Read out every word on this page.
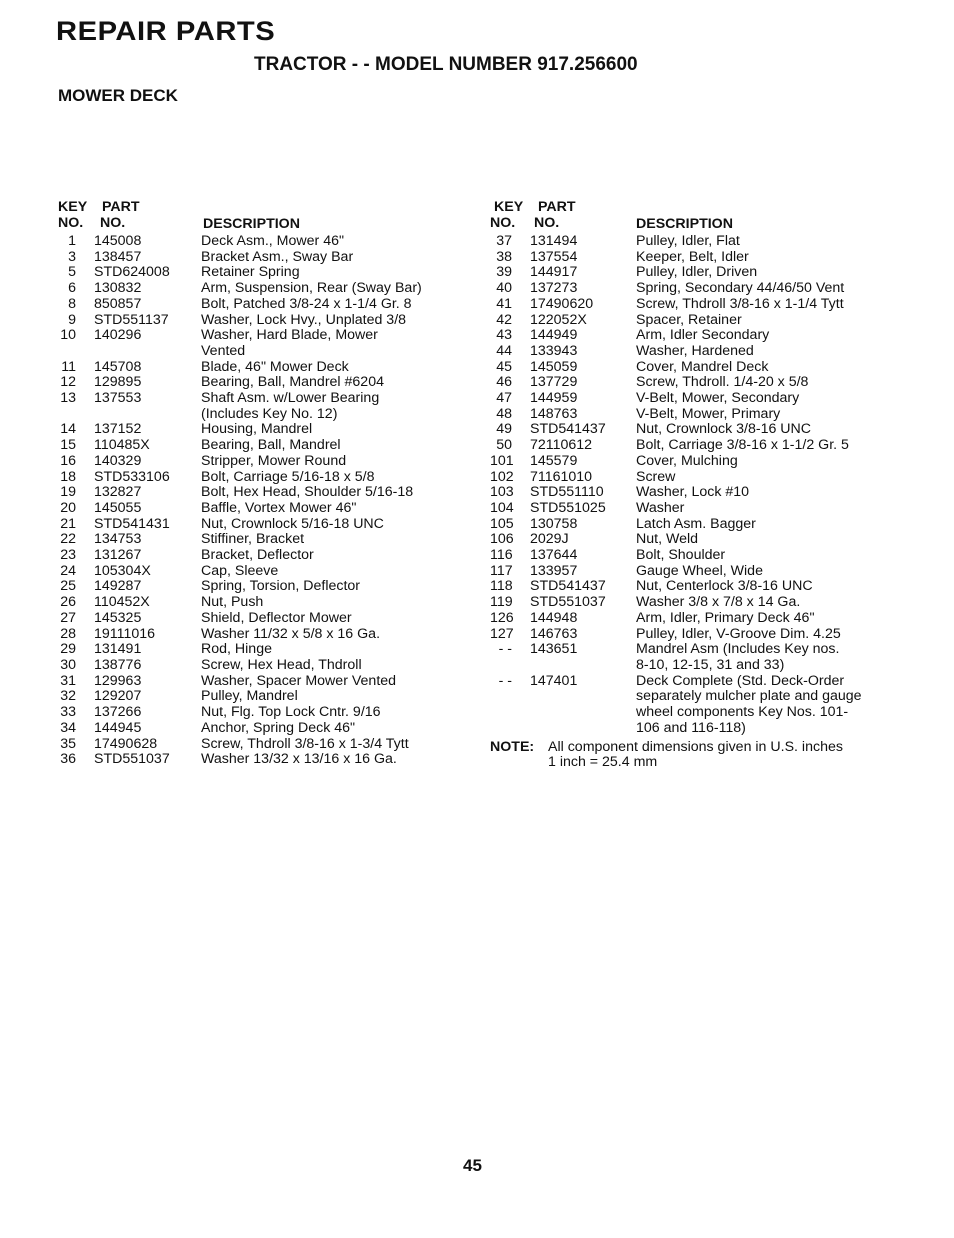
REPAIR PARTS
TRACTOR - - MODEL NUMBER 917.256600
MOWER DECK
KEY
NO.
PART
NO.	DESCRIPTION
1 145008	Deck Asm., Mower 46"
3 138457	Bracket Asm., Sway Bar
5 STD624008	Retainer Spring
6 130832	Arm, Suspension, Rear (Sway Bar)
8 850857	Bolt, Patched 3/8-24 x 1-1/4 Gr. 8
9 STD551137	Washer, Lock Hvy., Unplated 3/8
10 140296	Washer, Hard Blade, Mower
Vented
11 145708	Blade, 46" Mower Deck
12 129895	Bearing, Ball, Mandrel #6204
13 137553	Shaft Asm. w/Lower Bearing
(Includes Key No. 12)
14 137152	Housing, Mandrel
15 110485X	Bearing, Ball, Mandrel
16 140329	Stripper, Mower Round
18 STD533106	Bolt, Carriage 5/16-18 x 5/8
19 132827	Bolt, Hex Head, Shoulder 5/16-18
20 145055	Baffle, Vortex Mower 46"
21 STD541431	Nut, Crownlock 5/16-18 UNC
22 134753	Stiffiner, Bracket
23 131267	Bracket, Deflector
24 105304X	Cap, Sleeve
25 149287	Spring, Torsion, Deflector
26 110452X	Nut, Push
27 145325	Shield, Deflector Mower
28 19111016	Washer 11/32 x 5/8 x 16 Ga.
29 131491	Rod, Hinge
30 138776	Screw, Hex Head, Thdroll
31 129963	Washer, Spacer Mower Vented
32 129207	Pulley, Mandrel
33 137266	Nut, Flg. Top Lock Cntr. 9/16
34 144945	Anchor, Spring Deck 46"
35 17490628	Screw, Thdroll 3/8-16 x 1-3/4 Tytt
36 STD551037	Washer 13/32 x 13/16 x 16 Ga.
KEY
NO.
PART
NO.	DESCRIPTION
37 131494	Pulley, Idler, Flat
38 137554	Keeper, Belt, Idler
39 144917	Pulley, Idler, Driven
40 137273	Spring, Secondary 44/46/50 Vent
41 17490620	Screw, Thdroll 3/8-16 x 1-1/4 Tytt
42 122052X	Spacer, Retainer
43 144949	Arm, Idler Secondary
44 133943	Washer, Hardened
45 145059	Cover, Mandrel Deck
46 137729	Screw, Thdroll. 1/4-20 x 5/8
47 144959	V-Belt, Mower, Secondary
48 148763	V-Belt, Mower, Primary
49 STD541437	Nut, Crownlock 3/8-16 UNC
50 72110612	Bolt, Carriage 3/8-16 x 1-1/2 Gr. 5
101 145579	Cover, Mulching
102 71161010	Screw
103 STD551110	Washer, Lock #10
104 STD551025	Washer
105 130758	Latch Asm. Bagger
106 2029J	Nut, Weld
116 137644	Bolt, Shoulder
117 133957	Gauge Wheel, Wide
118 STD541437	Nut, Centerlock 3/8-16 UNC
119 STD551037	Washer 3/8 x 7/8 x 14 Ga.
126 144948	Arm, Idler, Primary Deck 46"
127 146763	Pulley, Idler, V-Groove Dim. 4.25
- - 143651	Mandrel Asm (Includes Key nos.
8-10, 12-15, 31 and 33)
- - 147401	Deck Complete (Std. Deck-Order
separately mulcher plate and gauge
wheel components Key Nos. 101-
106 and 116-118)
NOTE: All component dimensions given in U.S. inches
1 inch = 25.4 mm
45
